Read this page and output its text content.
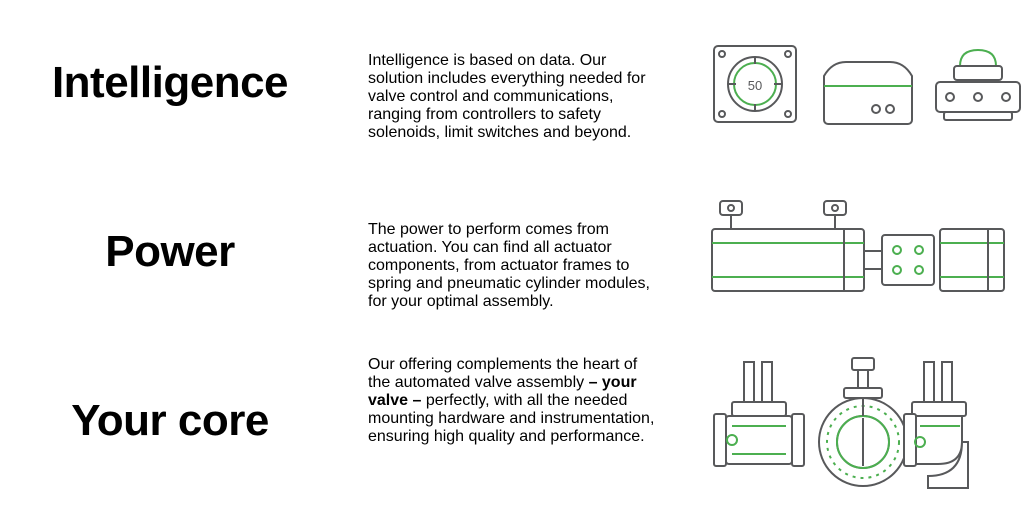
Intelligence
Valve controllers
Intelligence is based on data. Our solution includes everything needed for valve control and communications, ranging from controllers to safety solenoids, limit switches and beyond.
50
Power
Actuators
The power to perform comes from actuation. You can find all actuator components, from actuator frames to spring and pneumatic cylinder modules, for your optimal assembly.
Your core
Our offering complements the heart of the automated valve assembly – your valve – perfectly, with all the needed mounting hardware and instrumentation, ensuring high quality and performance.
